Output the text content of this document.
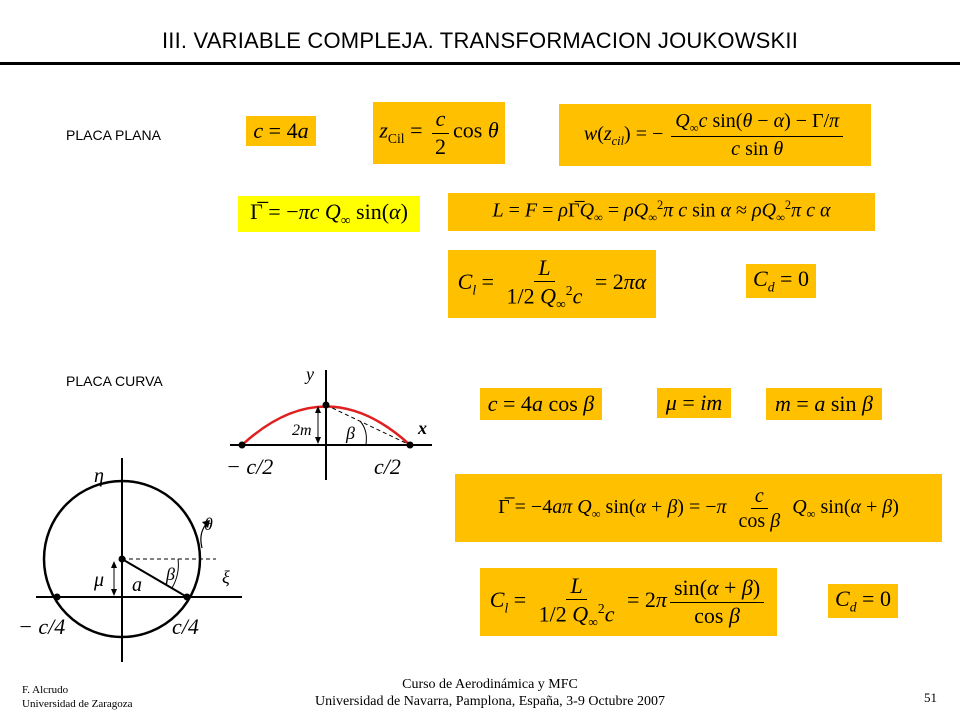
III. VARIABLE COMPLEJA. TRANSFORMACION JOUKOWSKII
PLACA PLANA
PLACA CURVA
c = 4a	$z_{Cil} = \frac{c}{2}$ cos θ	$w(z_{cil})$ = − $\frac{Q_\infty c \sin(\theta - \alpha) - \Gamma/\pi}{\text{c sin θ}}$
Γ̅ = −πc $Q_\infty$ sin(α)	$L = F = \rho\Gamma̅Q_\infty = \rho Q_\infty^2\pi$ c $\sin \alpha \approx \rho Q_\infty^2\pi$ c α
$C_l = \frac{L}{1/2 Q_\infty^2c} = 2\pi\alpha$	$C_d = 0$
c = 4a cos β	μ = im m = a sin β
Γ̅ = −4aπ $Q_\infty$ $\sin(\alpha + \beta) = -\pi \frac{c}{\text{cos β}} Q_\infty$ sin(α + β)
$C_l = \frac{L}{1/2 Q_\infty^2c} = 2\pi \frac{\sin(\alpha + \beta)}{\text{cos β}}$	$C_d = 0$
y
x
2m β
− c/2	c/2
η
θ
ξ
μ a β
− c/4	c/4
F. Alcrudo
Universidad de Zaragoza
Curso de Aerodinámica y MFC
Universidad de Navarra, Pamplona, España, 3-9 Octubre 2007	51
